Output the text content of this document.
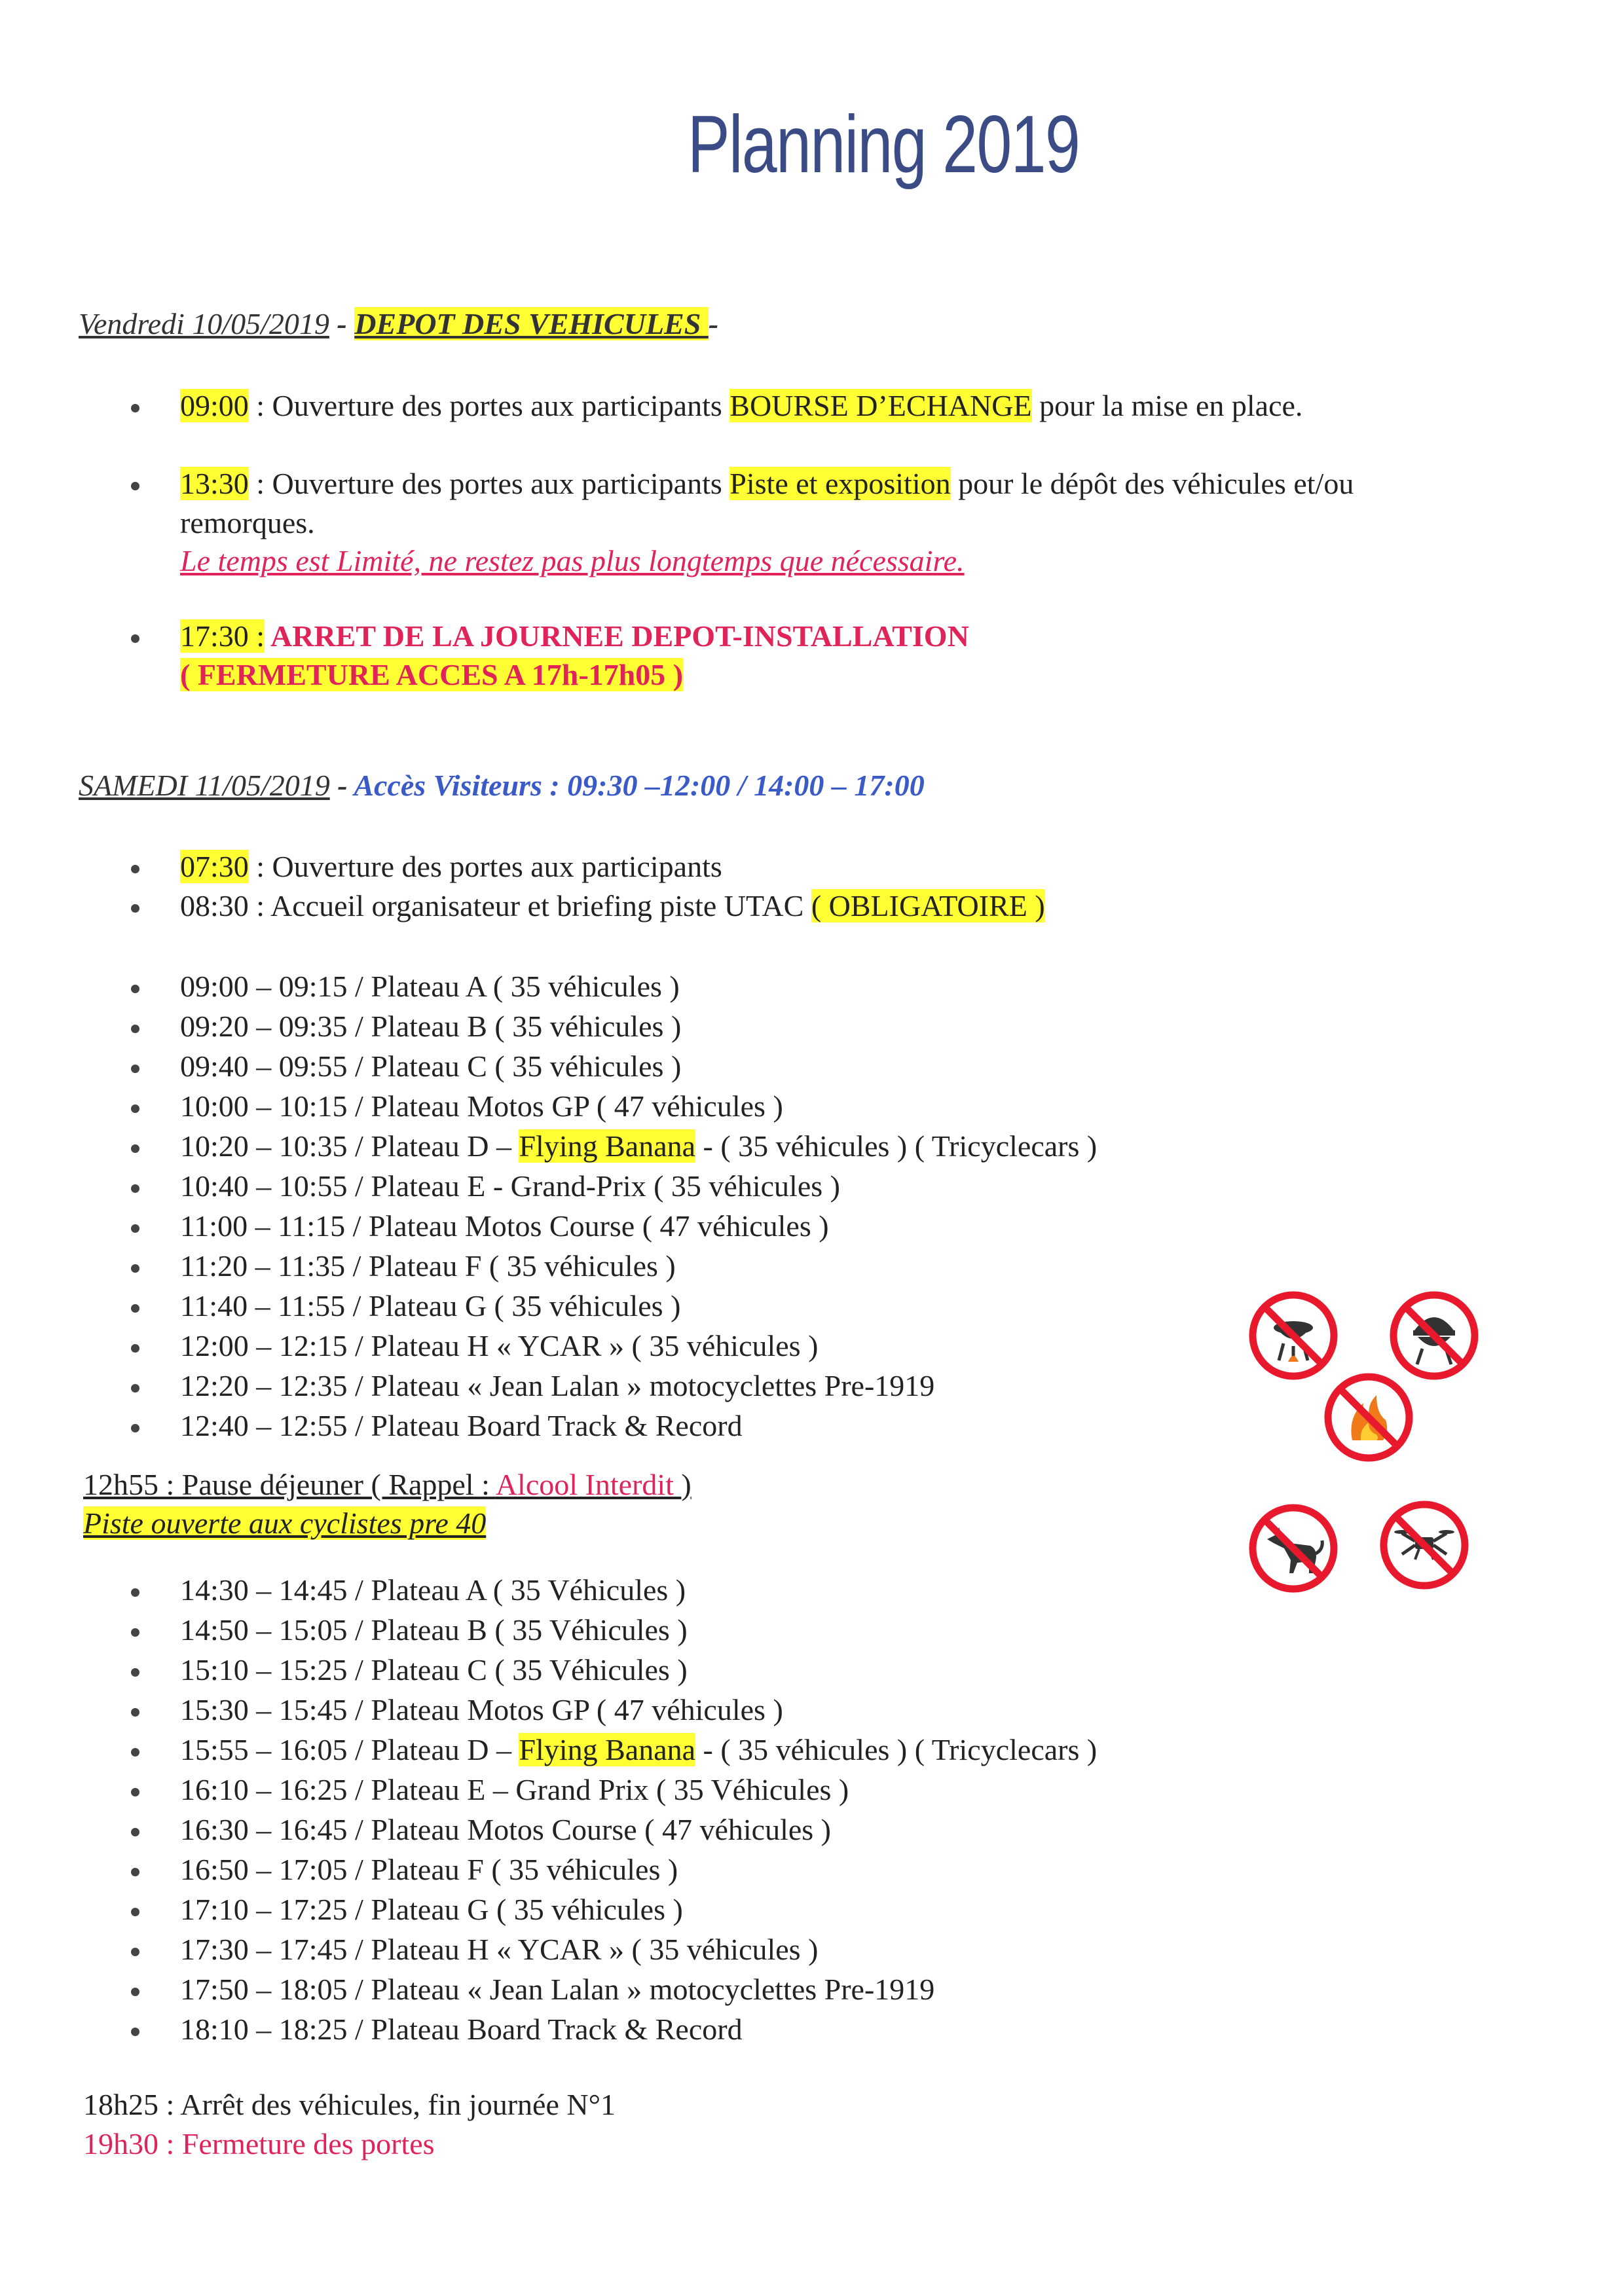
Planning 2019
Vendredi 10/05/2019 - DEPOT DES VEHICULES -
09:00 : Ouverture des portes aux participants BOURSE D’ECHANGE pour la mise en place.
13:30 : Ouverture des portes aux participants Piste et exposition pour le dépôt des véhicules et/ou
remorques.
Le temps est Limité, ne restez pas plus longtemps que nécessaire.
17:30 : ARRET DE LA JOURNEE DEPOT-INSTALLATION
( FERMETURE ACCES A 17h-17h05 )
SAMEDI 11/05/2019 - Accès Visiteurs : 09:30 –12:00 / 14:00 – 17:00
07:30 : Ouverture des portes aux participants
08:30 : Accueil organisateur et briefing piste UTAC ( OBLIGATOIRE )
09:00 – 09:15 / Plateau A ( 35 véhicules )
09:20 – 09:35 / Plateau B ( 35 véhicules )
09:40 – 09:55 / Plateau C ( 35 véhicules )
10:00 – 10:15 / Plateau Motos GP ( 47 véhicules )
10:20 – 10:35 / Plateau D – Flying Banana - ( 35 véhicules ) ( Tricyclecars )
10:40 – 10:55 / Plateau E - Grand-Prix ( 35 véhicules )
11:00 – 11:15 / Plateau Motos Course ( 47 véhicules )
11:20 – 11:35 / Plateau F ( 35 véhicules )
11:40 – 11:55 / Plateau G ( 35 véhicules )
12:00 – 12:15 / Plateau H « YCAR » ( 35 véhicules )
12:20 – 12:35 / Plateau « Jean Lalan » motocyclettes Pre-1919
12:40 – 12:55 / Plateau Board Track & Record
12h55 : Pause déjeuner ( Rappel : Alcool Interdit )
Piste ouverte aux cyclistes pre 40
14:30 – 14:45 / Plateau A ( 35 Véhicules )
14:50 – 15:05 / Plateau B ( 35 Véhicules )
15:10 – 15:25 / Plateau C ( 35 Véhicules )
15:30 – 15:45 / Plateau Motos GP ( 47 véhicules )
15:55 – 16:05 / Plateau D – Flying Banana - ( 35 véhicules ) ( Tricyclecars )
16:10 – 16:25 / Plateau E – Grand Prix ( 35 Véhicules )
16:30 – 16:45 / Plateau Motos Course ( 47 véhicules )
16:50 – 17:05 / Plateau F ( 35 véhicules )
17:10 – 17:25 / Plateau G ( 35 véhicules )
17:30 – 17:45 / Plateau H « YCAR » ( 35 véhicules )
17:50 – 18:05 / Plateau « Jean Lalan » motocyclettes Pre-1919
18:10 – 18:25 / Plateau Board Track & Record
18h25 : Arrêt des véhicules, fin journée N°1
19h30 : Fermeture des portes
